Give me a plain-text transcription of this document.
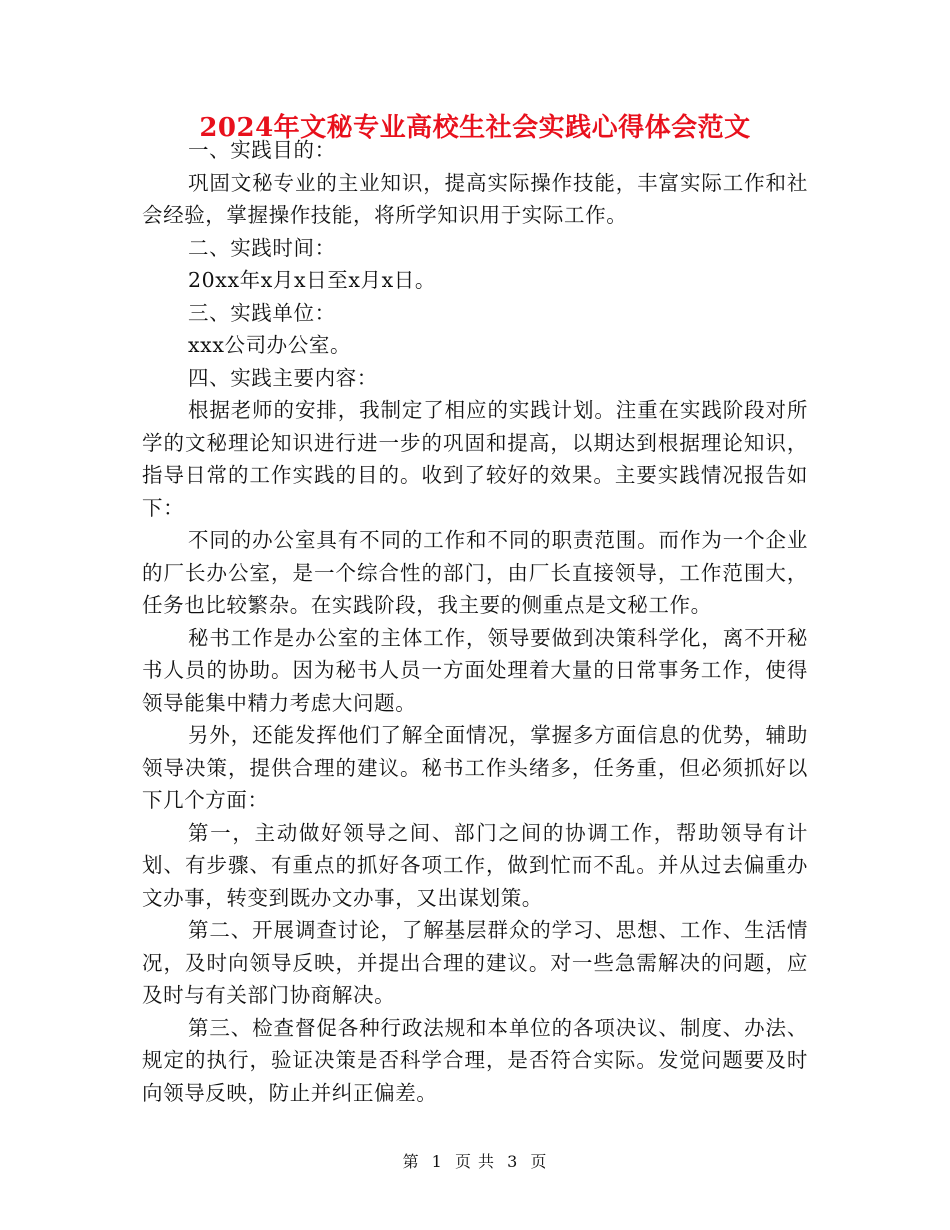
2024年文秘专业高校生社会实践心得体会范文

一、实践目的：

巩固文秘专业的主业知识，提高实际操作技能，丰富实际工作和社会经验，掌握操作技能，将所学知识用于实际工作。

二、实践时间：

20xx年x月x日至x月x日。

三、实践单位：

xxx公司办公室。

四、实践主要内容：

根据老师的安排，我制定了相应的实践计划。注重在实践阶段对所学的文秘理论知识进行进一步的巩固和提高，以期达到根据理论知识，指导日常的工作实践的目的。收到了较好的效果。主要实践情况报告如下：

不同的办公室具有不同的工作和不同的职责范围。而作为一个企业的厂长办公室，是一个综合性的部门，由厂长直接领导，工作范围大，任务也比较繁杂。在实践阶段，我主要的侧重点是文秘工作。

秘书工作是办公室的主体工作，领导要做到决策科学化，离不开秘书人员的协助。因为秘书人员一方面处理着大量的日常事务工作，使得领导能集中精力考虑大问题。

另外，还能发挥他们了解全面情况，掌握多方面信息的优势，辅助领导决策，提供合理的建议。秘书工作头绪多，任务重，但必须抓好以下几个方面：

第一，主动做好领导之间、部门之间的协调工作，帮助领导有计划、有步骤、有重点的抓好各项工作，做到忙而不乱。并从过去偏重办文办事，转变到既办文办事，又出谋划策。

第二、开展调查讨论，了解基层群众的学习、思想、工作、生活情况，及时向领导反映，并提出合理的建议。对一些急需解决的问题，应及时与有关部门协商解决。

第三、检查督促各种行政法规和本单位的各项决议、制度、办法、规定的执行，验证决策是否科学合理，是否符合实际。发觉问题要及时向领导反映，防止并纠正偏差。

第 1 页 共 3 页
